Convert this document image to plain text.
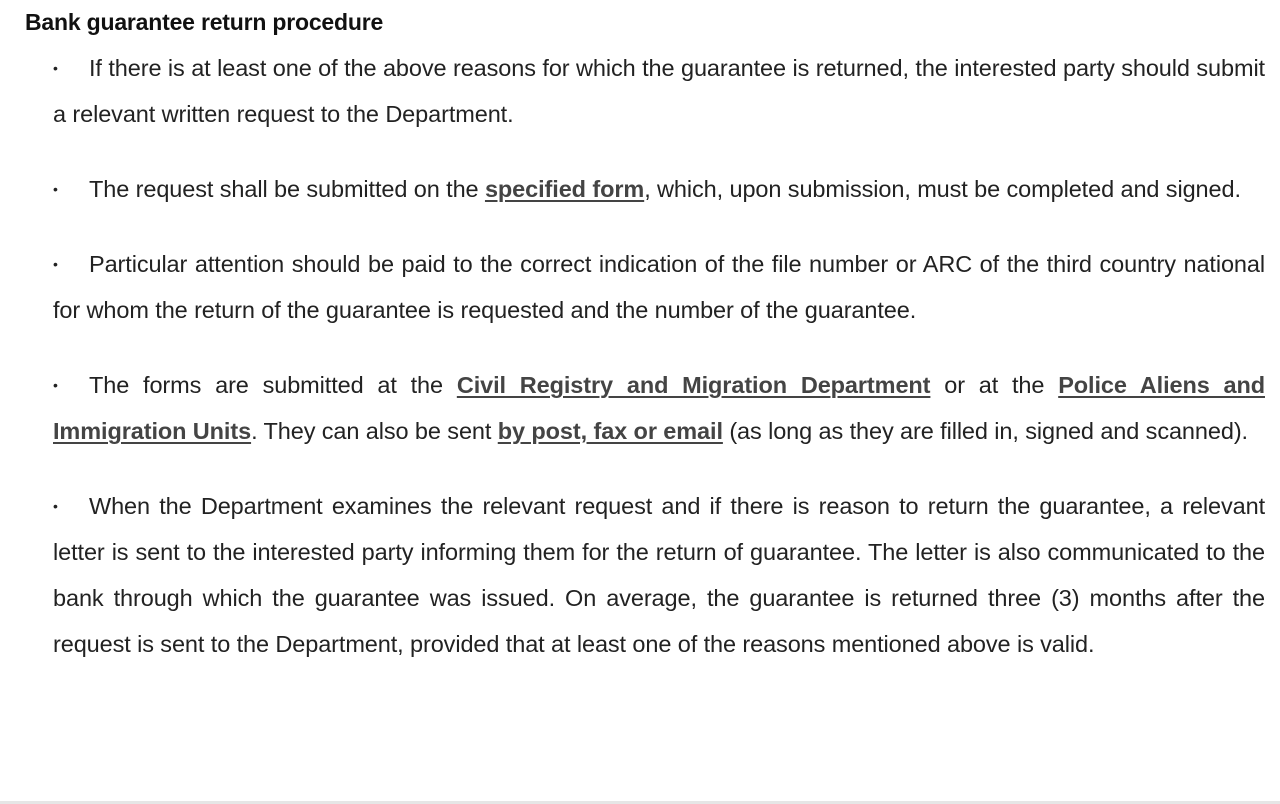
Bank guarantee return procedure
• If there is at least one of the above reasons for which the guarantee is returned, the interested party should submit a relevant written request to the Department.
• The request shall be submitted on the specified form, which, upon submission, must be completed and signed.
• Particular attention should be paid to the correct indication of the file number or ARC of the third country national for whom the return of the guarantee is requested and the number of the guarantee.
• The forms are submitted at the Civil Registry and Migration Department or at the Police Aliens and Immigration Units. They can also be sent by post, fax or email (as long as they are filled in, signed and scanned).
• When the Department examines the relevant request and if there is reason to return the guarantee, a relevant letter is sent to the interested party informing them for the return of guarantee. The letter is also communicated to the bank through which the guarantee was issued. On average, the guarantee is returned three (3) months after the request is sent to the Department, provided that at least one of the reasons mentioned above is valid.
